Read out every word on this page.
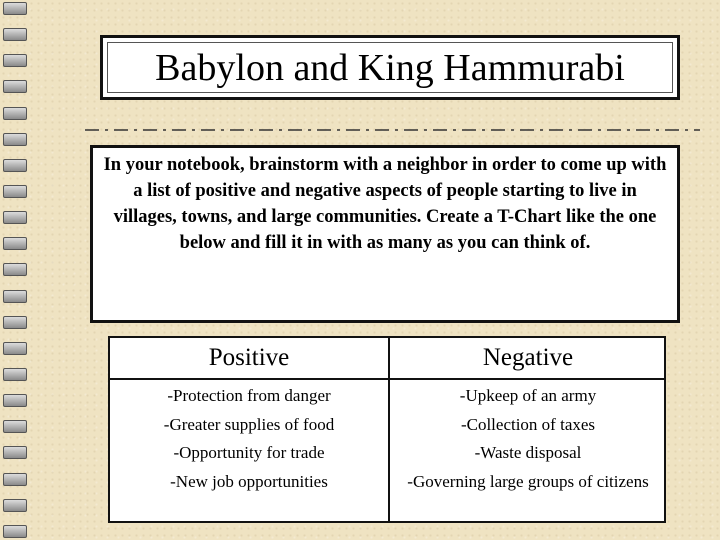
Babylon and King Hammurabi
In your notebook, brainstorm with a neighbor in order to come up with a list of positive and negative aspects of people starting to live in villages, towns, and large communities. Create a T-Chart like the one below and fill it in with as many as you can think of.
Positive
-Protection from danger
-Greater supplies of food
-Opportunity for trade
-New job opportunities
Negative
-Upkeep of an army
-Collection of taxes
-Waste disposal
-Governing large groups of citizens
